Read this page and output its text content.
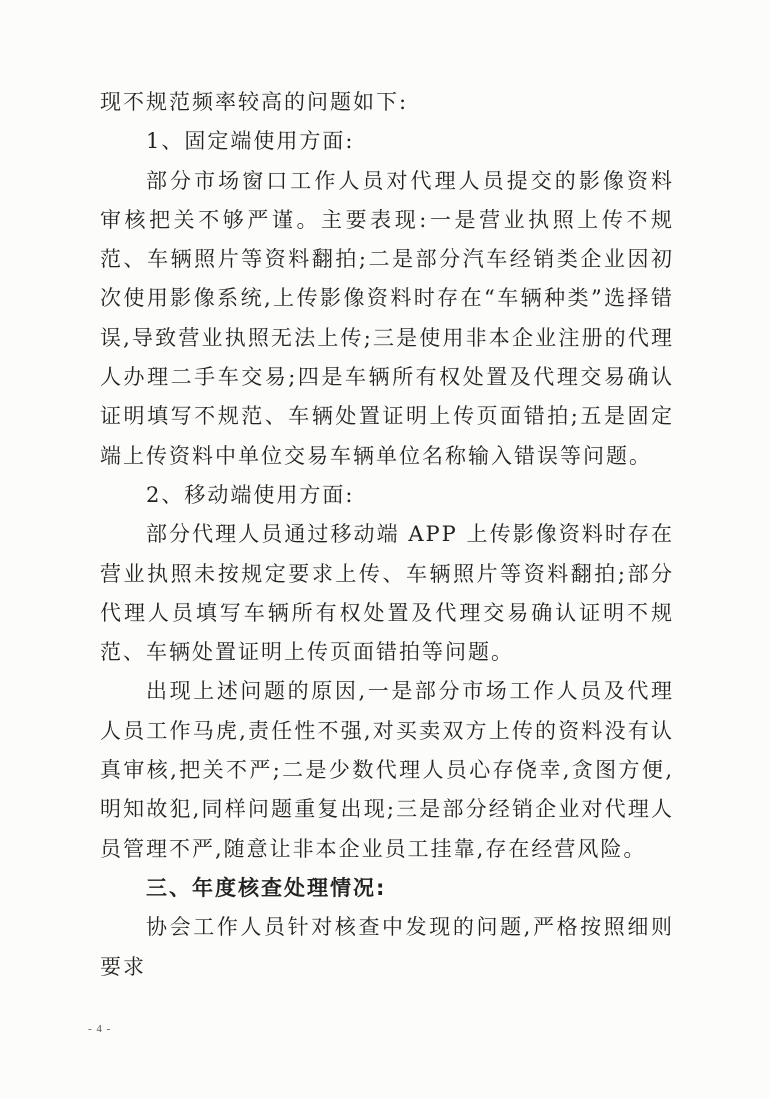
现不规范频率较高的问题如下:

1、固定端使用方面:

部分市场窗口工作人员对代理人员提交的影像资料审核把关不够严谨。主要表现:一是营业执照上传不规范、车辆照片等资料翻拍;二是部分汽车经销类企业因初次使用影像系统,上传影像资料时存在“车辆种类”选择错误,导致营业执照无法上传;三是使用非本企业注册的代理人办理二手车交易;四是车辆所有权处置及代理交易确认证明填写不规范、车辆处置证明上传页面错拍;五是固定端上传资料中单位交易车辆单位名称输入错误等问题。

2、移动端使用方面:

部分代理人员通过移动端 APP 上传影像资料时存在营业执照未按规定要求上传、车辆照片等资料翻拍;部分代理人员填写车辆所有权处置及代理交易确认证明不规范、车辆处置证明上传页面错拍等问题。

出现上述问题的原因,一是部分市场工作人员及代理人员工作马虎,责任性不强,对买卖双方上传的资料没有认真审核,把关不严;二是少数代理人员心存侥幸,贪图方便,明知故犯,同样问题重复出现;三是部分经销企业对代理人员管理不严,随意让非本企业员工挂靠,存在经营风险。

三、年度核查处理情况:

协会工作人员针对核查中发现的问题,严格按照细则要求

- 4 -
